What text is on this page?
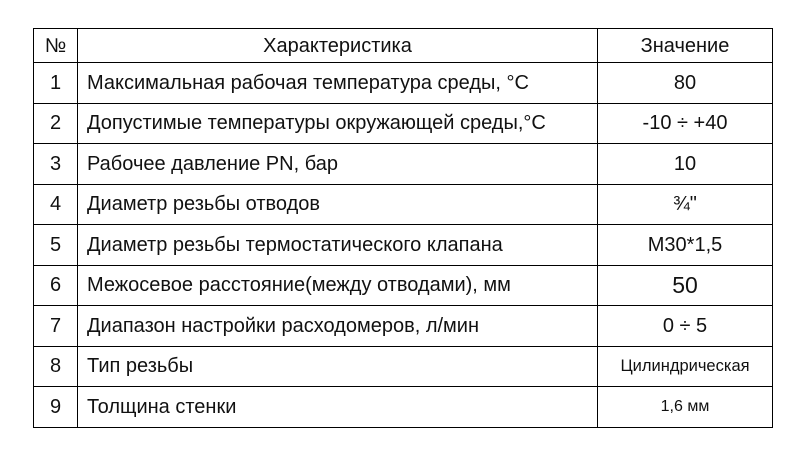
№	Характеристика	Значение
1	Максимальная рабочая температура среды, °С	80
2	Допустимые температуры окружающей среды,°С	-10 ÷ +40
3	Рабочее давление PN, бар	10
4	Диаметр резьбы отводов	¾"
5	Диаметр резьбы термостатического клапана	М30*1,5
6	Межосевое расстояние(между отводами), мм	50
7	Диапазон настройки расходомеров, л/мин	0 ÷ 5
8	Тип резьбы	Цилиндрическая
9	Толщина стенки	1,6 мм
